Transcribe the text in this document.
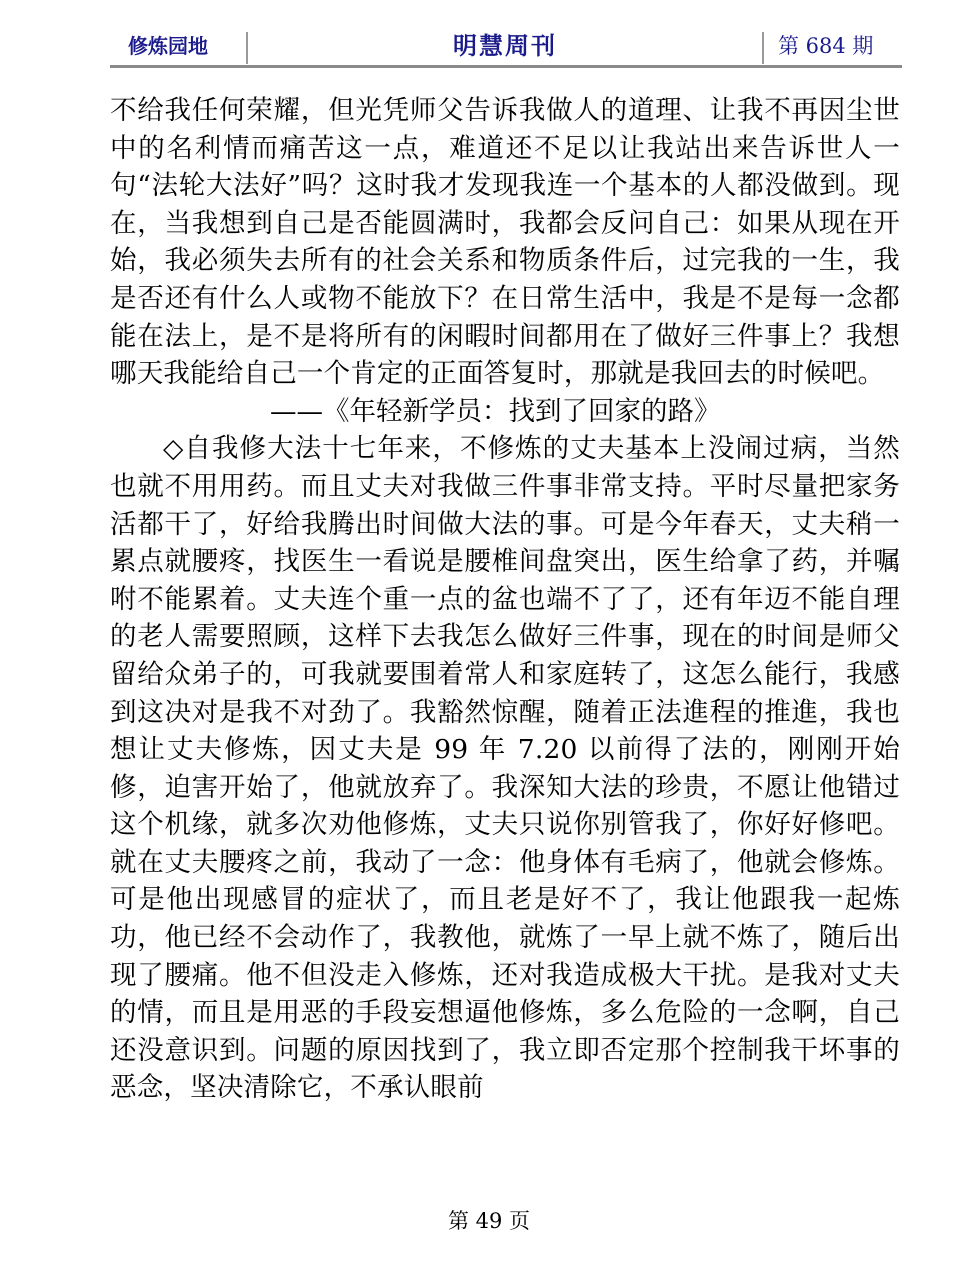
修炼园地	明慧周刊	第 684 期

不给我任何荣耀，但光凭师父告诉我做人的道理、让我不再因尘世中的名利情而痛苦这一点，难道还不足以让我站出来告诉世人一句“法轮大法好”吗？这时我才发现我连一个基本的人都没做到。现在，当我想到自己是否能圆满时，我都会反问自己：如果从现在开始，我必须失去所有的社会关系和物质条件后，过完我的一生，我是否还有什么人或物不能放下？在日常生活中，我是不是每一念都能在法上，是不是将所有的闲暇时间都用在了做好三件事上？我想哪天我能给自己一个肯定的正面答复时，那就是我回去的时候吧。

——《年轻新学员：找到了回家的路》

◇自我修大法十七年来，不修炼的丈夫基本上没闹过病，当然也就不用用药。而且丈夫对我做三件事非常支持。平时尽量把家务活都干了，好给我腾出时间做大法的事。可是今年春天，丈夫稍一累点就腰疼，找医生一看说是腰椎间盘突出，医生给拿了药，并嘱咐不能累着。丈夫连个重一点的盆也端不了了，还有年迈不能自理的老人需要照顾，这样下去我怎么做好三件事，现在的时间是师父留给众弟子的，可我就要围着常人和家庭转了，这怎么能行，我感到这决对是我不对劲了。我豁然惊醒，随着正法進程的推進，我也想让丈夫修炼，因丈夫是 99 年 7.20 以前得了法的，刚刚开始修，迫害开始了，他就放弃了。我深知大法的珍贵，不愿让他错过这个机缘，就多次劝他修炼，丈夫只说你别管我了，你好好修吧。就在丈夫腰疼之前，我动了一念：他身体有毛病了，他就会修炼。可是他出现感冒的症状了，而且老是好不了，我让他跟我一起炼功，他已经不会动作了，我教他，就炼了一早上就不炼了，随后出现了腰痛。他不但没走入修炼，还对我造成极大干扰。是我对丈夫的情，而且是用恶的手段妄想逼他修炼，多么危险的一念啊，自己还没意识到。问题的原因找到了，我立即否定那个控制我干坏事的恶念，坚决清除它，不承认眼前

第 49 页
